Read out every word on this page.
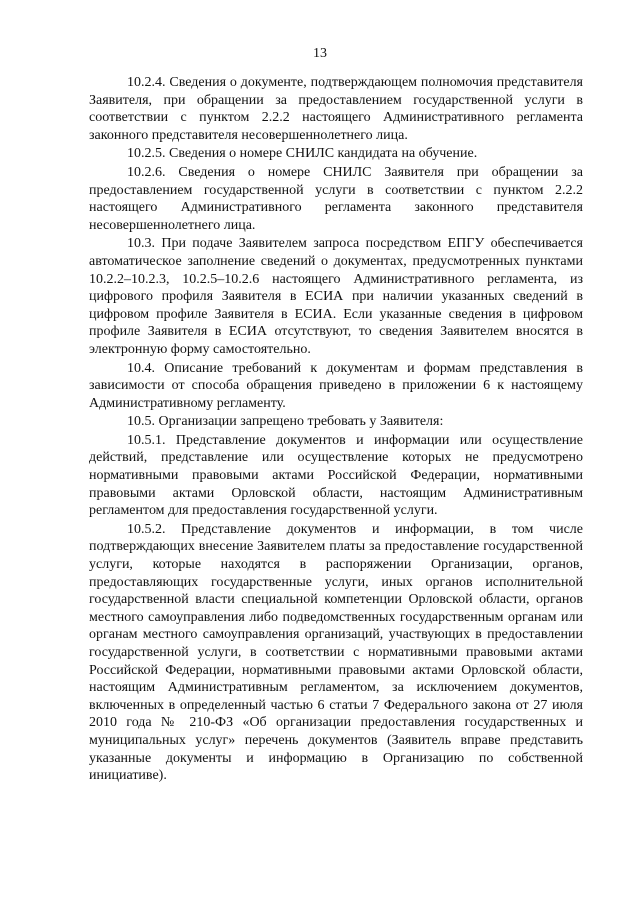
13

10.2.4. Сведения о документе, подтверждающем полномочия представителя Заявителя, при обращении за предоставлением государственной услуги в соответствии с пунктом 2.2.2 настоящего Административного регламента законного представителя несовершеннолетнего лица.

10.2.5. Сведения о номере СНИЛС кандидата на обучение.

10.2.6. Сведения о номере СНИЛС Заявителя при обращении за предоставлением государственной услуги в соответствии с пунктом 2.2.2 настоящего Административного регламента законного представителя несовершеннолетнего лица.

10.3. При подаче Заявителем запроса посредством ЕПГУ обеспечивается автоматическое заполнение сведений о документах, предусмотренных пунктами 10.2.2–10.2.3, 10.2.5–10.2.6 настоящего Административного регламента, из цифрового профиля Заявителя в ЕСИА при наличии указанных сведений в цифровом профиле Заявителя в ЕСИА. Если указанные сведения в цифровом профиле Заявителя в ЕСИА отсутствуют, то сведения Заявителем вносятся в электронную форму самостоятельно.

10.4. Описание требований к документам и формам представления в зависимости от способа обращения приведено в приложении 6 к настоящему Административному регламенту.

10.5. Организации запрещено требовать у Заявителя:

10.5.1. Представление документов и информации или осуществление действий, представление или осуществление которых не предусмотрено нормативными правовыми актами Российской Федерации, нормативными правовыми актами Орловской области, настоящим Административным регламентом для предоставления государственной услуги.

10.5.2. Представление документов и информации, в том числе подтверждающих внесение Заявителем платы за предоставление государственной услуги, которые находятся в распоряжении Организации, органов, предоставляющих государственные услуги, иных органов исполнительной государственной власти специальной компетенции Орловской области, органов местного самоуправления либо подведомственных государственным органам или органам местного самоуправления организаций, участвующих в предоставлении государственной услуги, в соответствии с нормативными правовыми актами Российской Федерации, нормативными правовыми актами Орловской области, настоящим Административным регламентом, за исключением документов, включенных в определенный частью 6 статьи 7 Федерального закона от 27 июля 2010 года № 210-ФЗ «Об организации предоставления государственных и муниципальных услуг» перечень документов (Заявитель вправе представить указанные документы и информацию в Организацию по собственной инициативе).
